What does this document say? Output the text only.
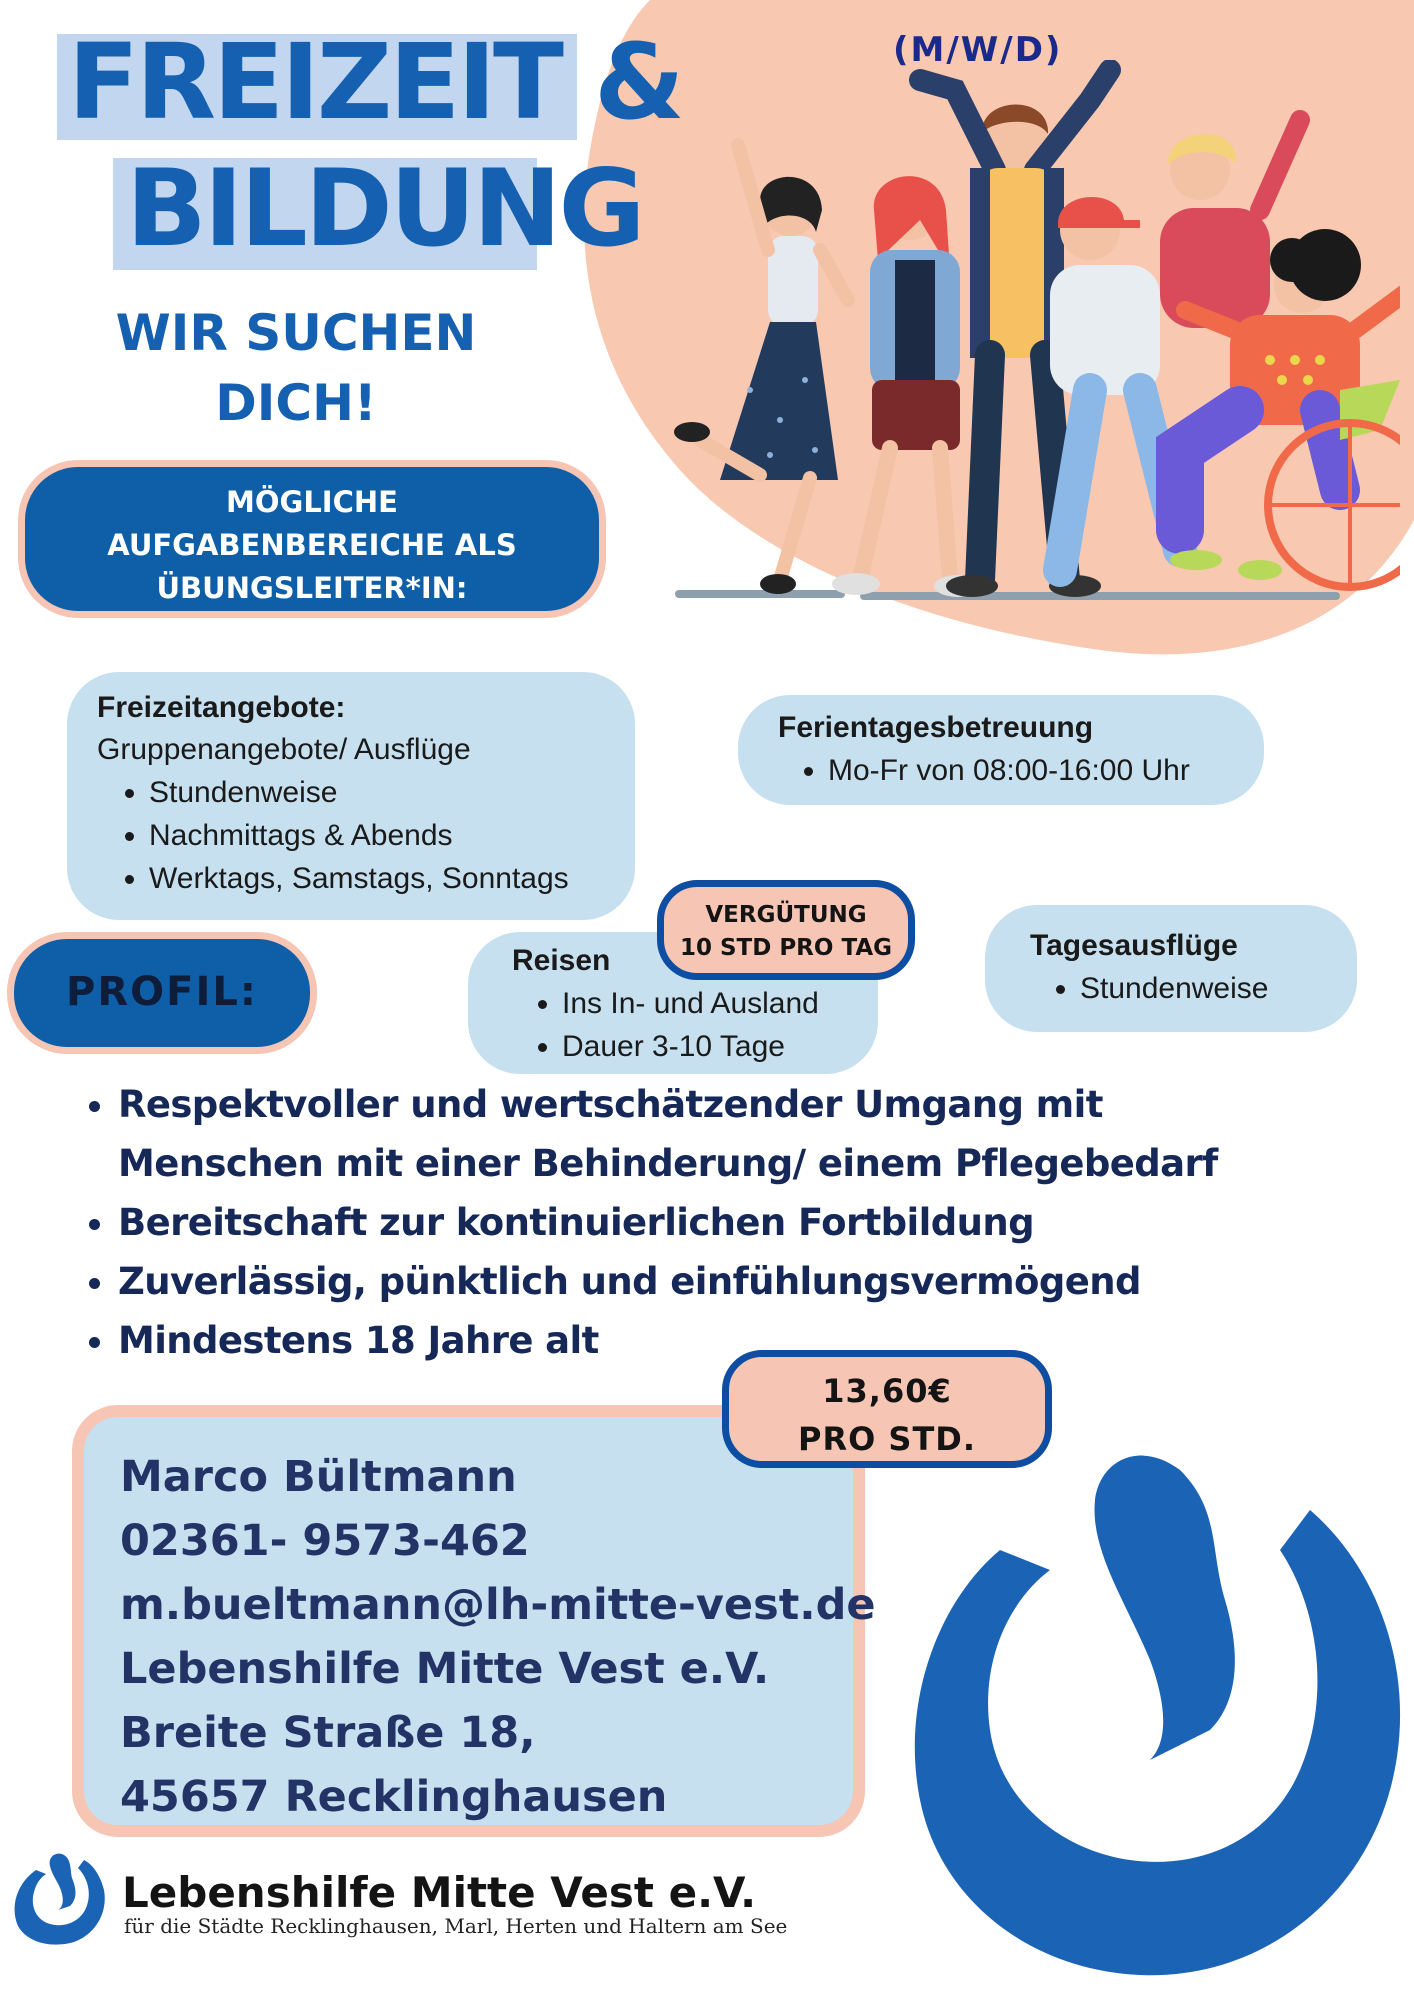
FREIZEIT &
BILDUNG
(M/W/D)
WIR SUCHEN
DICH!
MÖGLICHE
AUFGABENBEREICHE ALS
ÜBUNGSLEITER*IN:
Freizeitangebote:
Gruppenangebote/ Ausflüge
• Stundenweise
• Nachmittags & Abends
• Werktags, Samstags, Sonntags
Ferientagesbetreuung
• Mo-Fr von 08:00-16:00 Uhr
Reisen
• Ins In- und Ausland
• Dauer 3-10 Tage
Tagesausflüge
• Stundenweise
VERGÜTUNG
10 STD PRO TAG
PROFIL:
• Respektvoller und wertschätzender Umgang mit Menschen mit einer Behinderung/ einem Pflegebedarf
• Bereitschaft zur kontinuierlichen Fortbildung
• Zuverlässig, pünktlich und einfühlungsvermögend
• Mindestens 18 Jahre alt
Marco Bültmann
02361- 9573-462
m.bueltmann@lh-mitte-vest.de
Lebenshilfe Mitte Vest e.V.
Breite Straße 18,
45657 Recklinghausen
13,60€
PRO STD.
Lebenshilfe Mitte Vest e.V.
für die Städte Recklinghausen, Marl, Herten und Haltern am See
